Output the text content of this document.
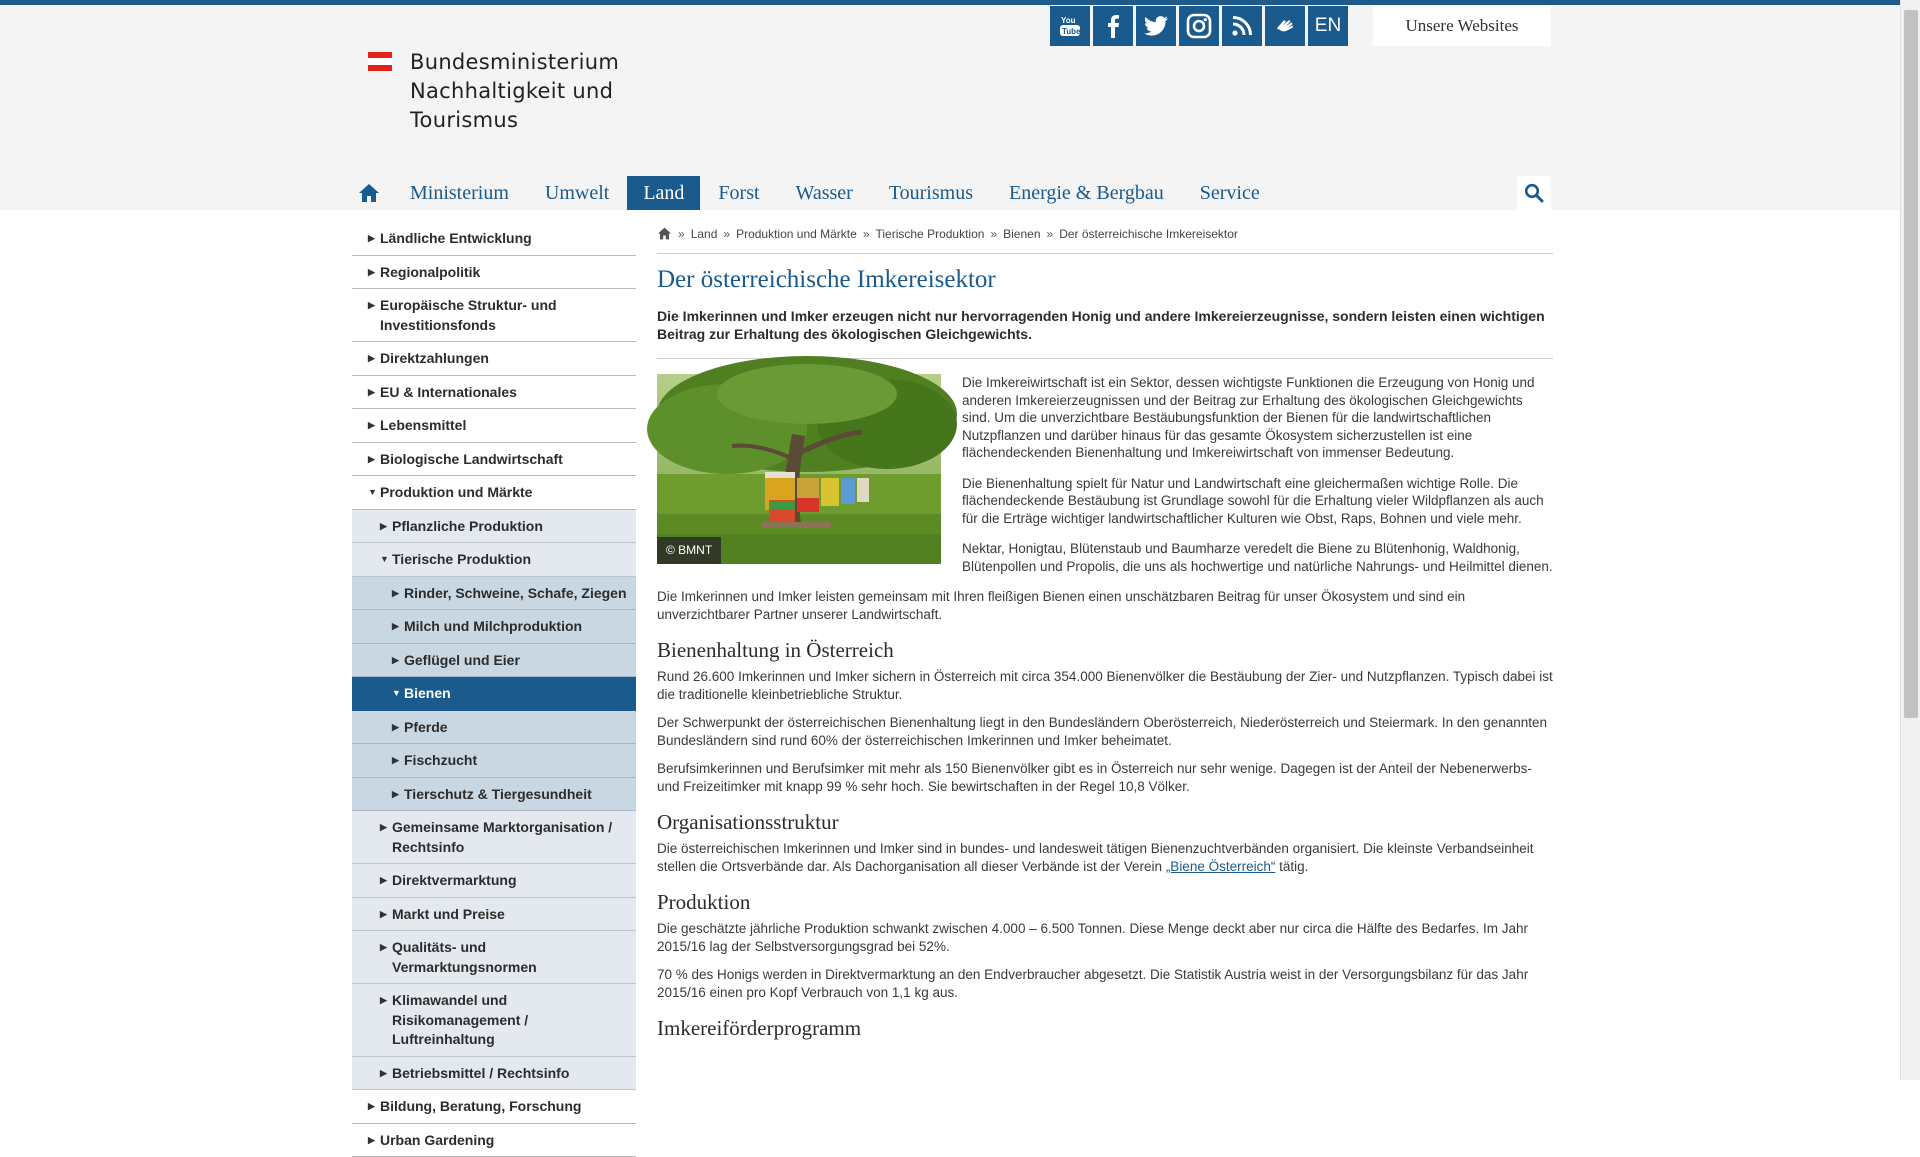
Bundesministerium
Nachhaltigkeit und
Tourismus
You
Tube	EN	Unsere Websites
Ministerium	Umwelt	Land	Forst	Wasser	Tourismus	Energie & Bergbau	Service
▶ Ländliche Entwicklung
▶ Regionalpolitik
▶ Europäische Struktur- und Investitionsfonds
▶ Direktzahlungen
▶ EU & Internationales
▶ Lebensmittel
▶ Biologische Landwirtschaft
▼ Produktion und Märkte
▶ Pflanzliche Produktion
▼ Tierische Produktion
▶ Rinder, Schweine, Schafe, Ziegen
▶ Milch und Milchproduktion
▶ Geflügel und Eier
▼ Bienen
▶ Pferde
▶ Fischzucht
▶ Tierschutz & Tiergesundheit
▶ Gemeinsame Marktorganisation / Rechtsinfo
▶ Direktvermarktung
▶ Markt und Preise
▶ Qualitäts- und Vermarktungsnormen
▶ Klimawandel und Risikomanagement / Luftreinhaltung
▶ Betriebsmittel / Rechtsinfo
▶ Bildung, Beratung, Forschung
▶ Urban Gardening
» Land » Produktion und Märkte » Tierische Produktion » Bienen » Der österreichische Imkereisektor
Der österreichische Imkereisektor
Die Imkerinnen und Imker erzeugen nicht nur hervorragenden Honig und andere Imkereierzeugnisse, sondern leisten einen wichtigen Beitrag zur Erhaltung des ökologischen Gleichgewichts.
© BMNT

Die Imkereiwirtschaft ist ein Sektor, dessen wichtigste Funktionen die Erzeugung von Honig und anderen Imkereierzeugnissen und der Beitrag zur Erhaltung des ökologischen Gleichgewichts sind. Um die unverzichtbare Bestäubungsfunktion der Bienen für die landwirtschaftlichen Nutzpflanzen und darüber hinaus für das gesamte Ökosystem sicherzustellen ist eine flächendeckenden Bienenhaltung und Imkereiwirtschaft von immenser Bedeutung.

Die Bienenhaltung spielt für Natur und Landwirtschaft eine gleichermaßen wichtige Rolle. Die flächendeckende Bestäubung ist Grundlage sowohl für die Erhaltung vieler Wildpflanzen als auch für die Erträge wichtiger landwirtschaftlicher Kulturen wie Obst, Raps, Bohnen und viele mehr.

Nektar, Honigtau, Blütenstaub und Baumharze veredelt die Biene zu Blütenhonig, Waldhonig, Blütenpollen und Propolis, die uns als hochwertige und natürliche Nahrungs- und Heilmittel dienen.

Die Imkerinnen und Imker leisten gemeinsam mit Ihren fleißigen Bienen einen unschätzbaren Beitrag für unser Ökosystem und sind ein unverzichtbarer Partner unserer Landwirtschaft.

Bienenhaltung in Österreich

Rund 26.600 Imkerinnen und Imker sichern in Österreich mit circa 354.000 Bienenvölker die Bestäubung der Zier- und Nutzpflanzen. Typisch dabei ist die traditionelle kleinbetriebliche Struktur.

Der Schwerpunkt der österreichischen Bienenhaltung liegt in den Bundesländern Oberösterreich, Niederösterreich und Steiermark. In den genannten Bundesländern sind rund 60% der österreichischen Imkerinnen und Imker beheimatet.

Berufsimkerinnen und Berufsimker mit mehr als 150 Bienenvölker gibt es in Österreich nur sehr wenige. Dagegen ist der Anteil der Nebenerwerbs- und Freizeitimker mit knapp 99 % sehr hoch. Sie bewirtschaften in der Regel 10,8 Völker.

Organisationsstruktur

Die österreichischen Imkerinnen und Imker sind in bundes- und landesweit tätigen Bienenzuchtverbänden organisiert. Die kleinste Verbandseinheit stellen die Ortsverbände dar. Als Dachorganisation all dieser Verbände ist der Verein „Biene Österreich“ tätig.

Produktion

Die geschätzte jährliche Produktion schwankt zwischen 4.000 – 6.500 Tonnen. Diese Menge deckt aber nur circa die Hälfte des Bedarfes. Im Jahr 2015/16 lag der Selbstversorgungsgrad bei 52%.

70 % des Honigs werden in Direktvermarktung an den Endverbraucher abgesetzt. Die Statistik Austria weist in der Versorgungsbilanz für das Jahr 2015/16 einen pro Kopf Verbrauch von 1,1 kg aus.

Imkereiförderprogramm
